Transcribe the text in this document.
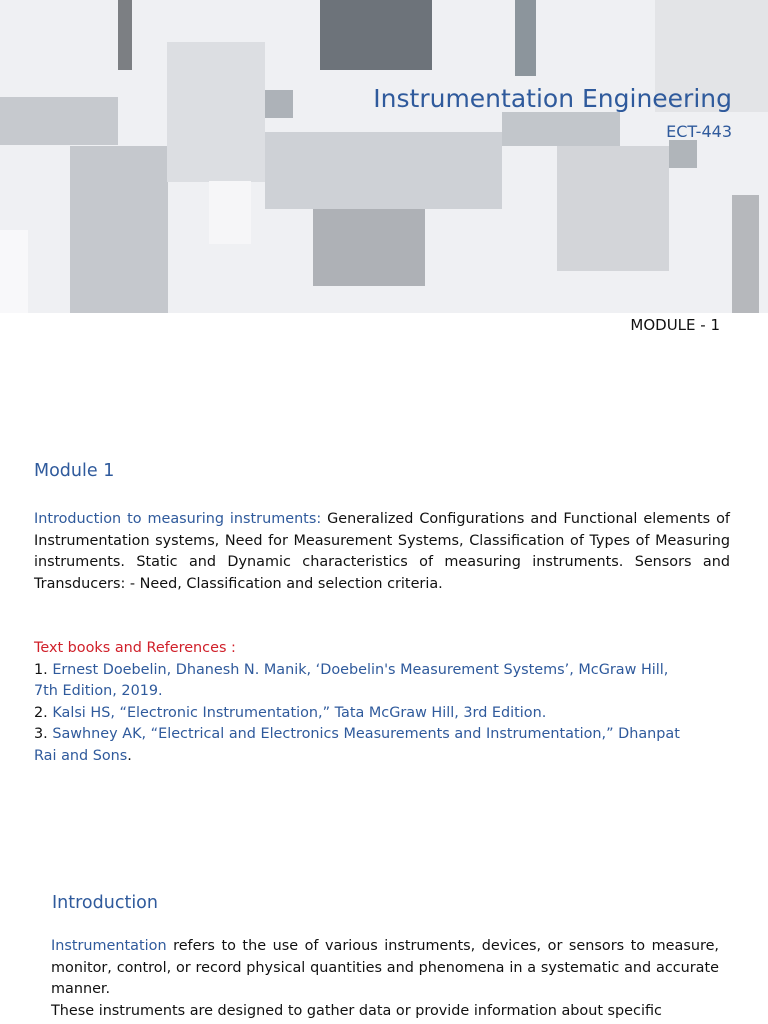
Instrumentation Engineering
ECT-443
MODULE - 1
Module 1
Introduction to measuring instruments: Generalized Configurations and Functional elements of Instrumentation systems, Need for Measurement Systems, Classification of Types of Measuring instruments. Static and Dynamic characteristics of measuring instruments. Sensors and Transducers: - Need, Classification and selection criteria.
Text books and References :
1. Ernest Doebelin, Dhanesh N. Manik, ‘Doebelin's Measurement Systems’, McGraw Hill,
7th Edition, 2019.
2. Kalsi HS, “Electronic Instrumentation,” Tata McGraw Hill, 3rd Edition.
3. Sawhney AK, “Electrical and Electronics Measurements and Instrumentation,” Dhanpat
Rai and Sons.
Introduction
Instrumentation refers to the use of various instruments, devices, or sensors to measure, monitor, control, or record physical quantities and phenomena in a systematic and accurate manner.
These instruments are designed to gather data or provide information about specific
